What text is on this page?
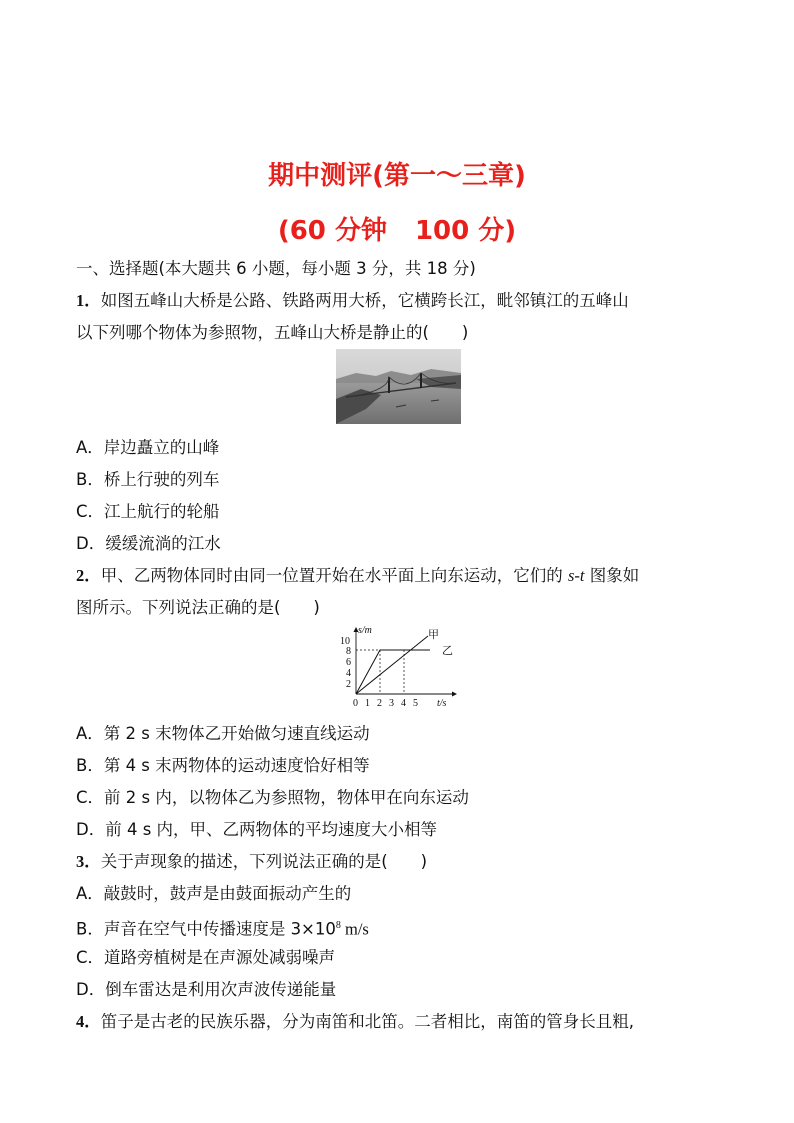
期中测评(第一～三章)
(60 分钟 100 分)
一、选择题(本大题共 6 小题，每小题 3 分，共 18 分)
1．如图五峰山大桥是公路、铁路两用大桥，它横跨长江，毗邻镇江的五峰山
以下列哪个物体为参照物，五峰山大桥是静止的(　　)
A．岸边矗立的山峰
B．桥上行驶的列车
C．江上航行的轮船
D．缓缓流淌的江水
2．甲、乙两物体同时由同一位置开始在水平面上向东运动，它们的 s-t 图象如
图所示。下列说法正确的是(　　)
s/m
t/s
10
8
6
4
2
0 1 2 3 4 5
甲
乙
A．第 2 s 末物体乙开始做匀速直线运动
B．第 4 s 末两物体的运动速度恰好相等
C．前 2 s 内，以物体乙为参照物，物体甲在向东运动
D．前 4 s 内，甲、乙两物体的平均速度大小相等
3．关于声现象的描述，下列说法正确的是(　　)
A．敲鼓时，鼓声是由鼓面振动产生的
B．声音在空气中传播速度是 $3\times 10^8$ m/s
C．道路旁植树是在声源处减弱噪声
D．倒车雷达是利用次声波传递能量
4．笛子是古老的民族乐器，分为南笛和北笛。二者相比，南笛的管身长且粗,
